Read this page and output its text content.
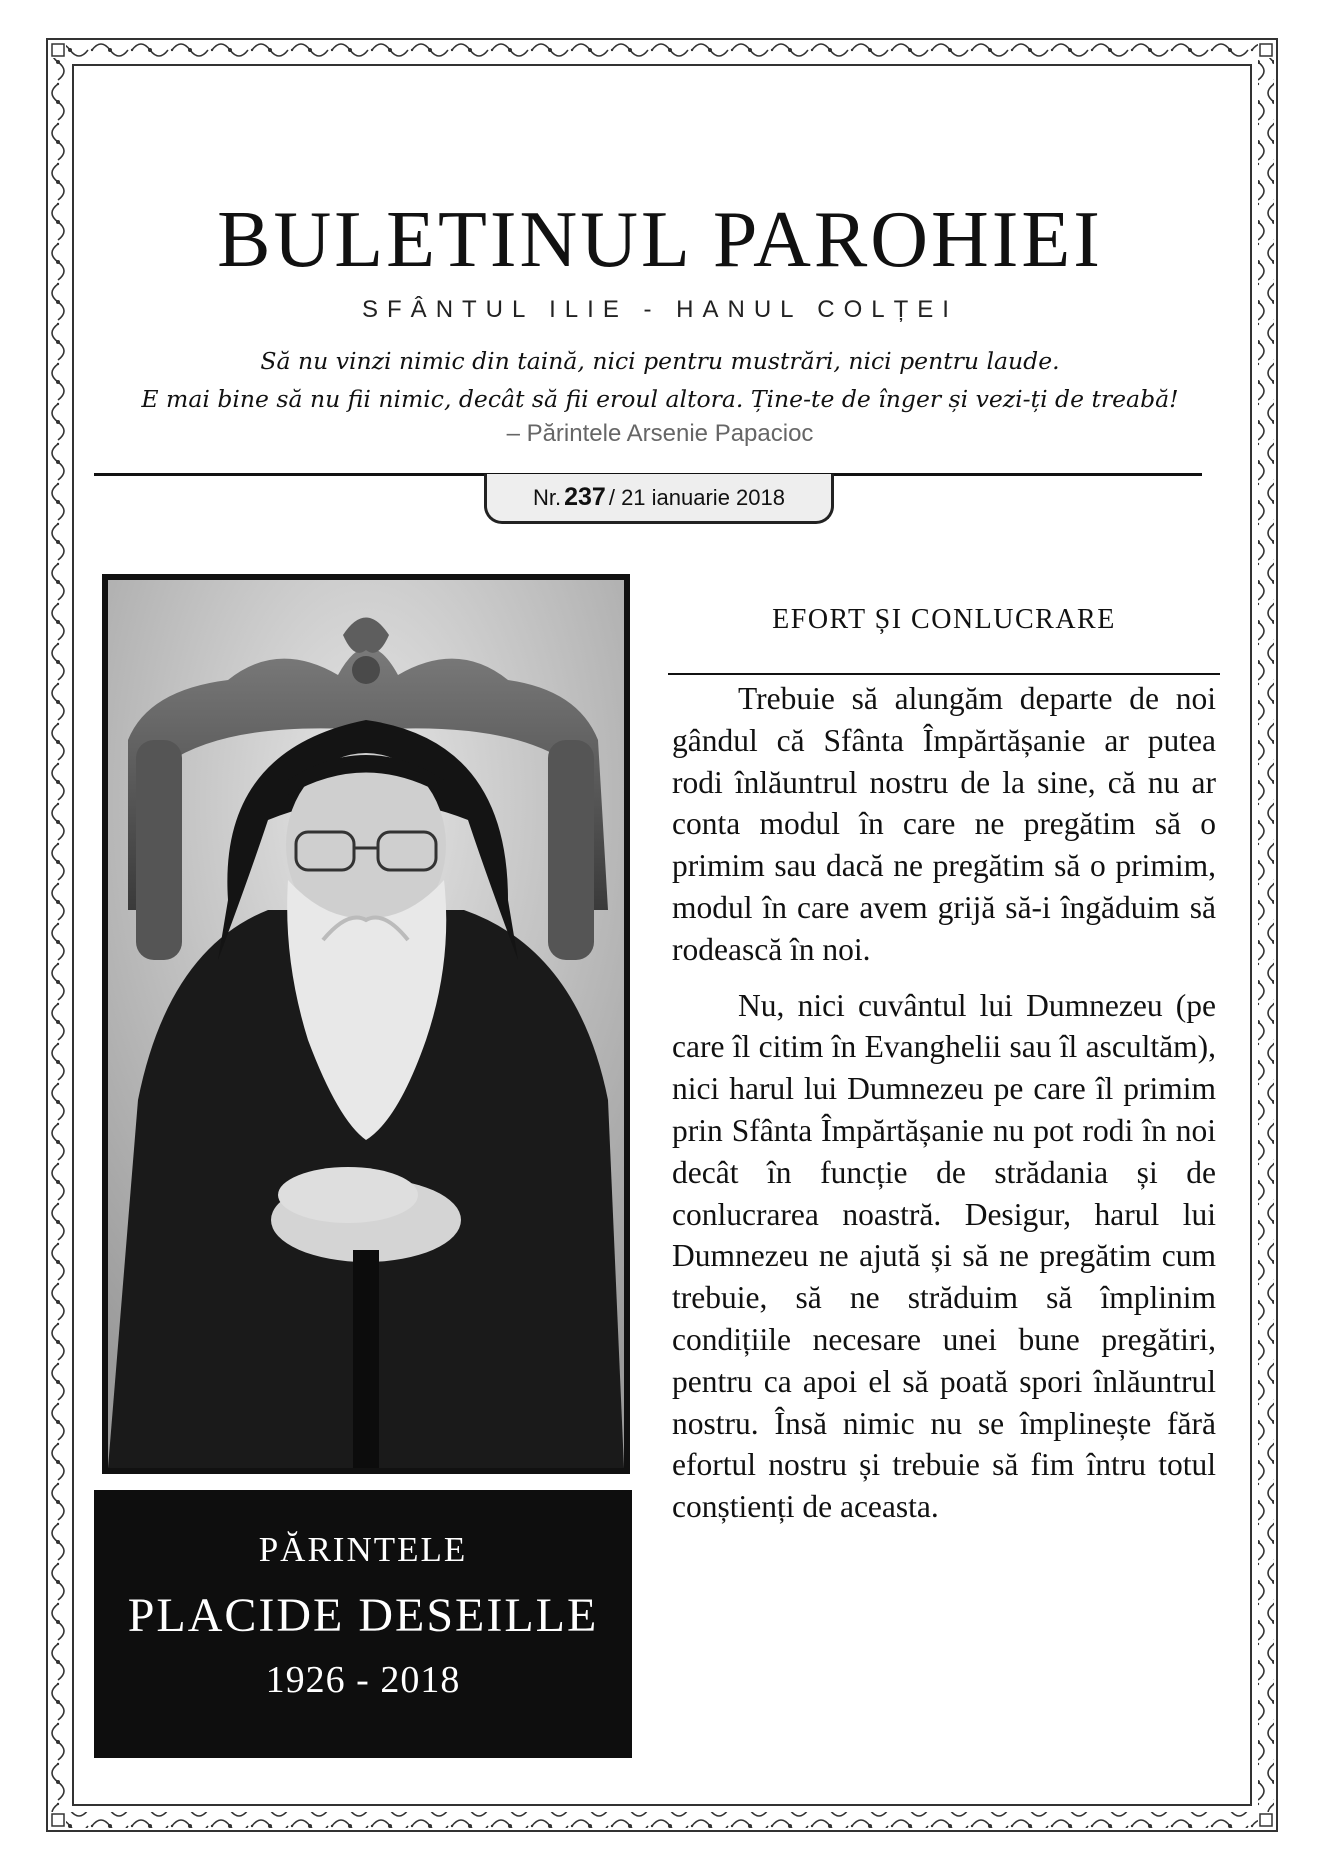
BULETINUL PAROHIEI
SFÂNTUL ILIE - HANUL COLȚEI
Să nu vinzi nimic din taină, nici pentru mustrări, nici pentru laude.
E mai bine să nu fii nimic, decât să fii eroul altora. Ține-te de înger și vezi-ți de treabă!
– Părintele Arsenie Papacioc
Nr. 237 / 21 ianuarie 2018
PĂRINTELE
PLACIDE DESEILLE
1926 - 2018
EFORT ȘI CONLUCRARE

Trebuie să alungăm departe de noi gândul că Sfânta Împărtășanie ar putea rodi înlăuntrul nostru de la sine, că nu ar conta modul în care ne pregătim să o primim sau dacă ne pregătim să o primim, modul în care avem grijă să-i îngăduim să rodească în noi.

Nu, nici cuvântul lui Dumnezeu (pe care îl citim în Evanghelii sau îl ascultăm), nici harul lui Dumnezeu pe care îl primim prin Sfânta Împărtășanie nu pot rodi în noi decât în funcție de strădania și de conlucrarea noastră. Desigur, harul lui Dumnezeu ne ajută și să ne pregătim cum trebuie, să ne străduim să împlinim condițiile necesare unei bune pregătiri, pentru ca apoi el să poată spori înlăuntrul nostru. Însă nimic nu se împlinește fără efortul nostru și trebuie să fim întru totul conștienți de aceasta.
